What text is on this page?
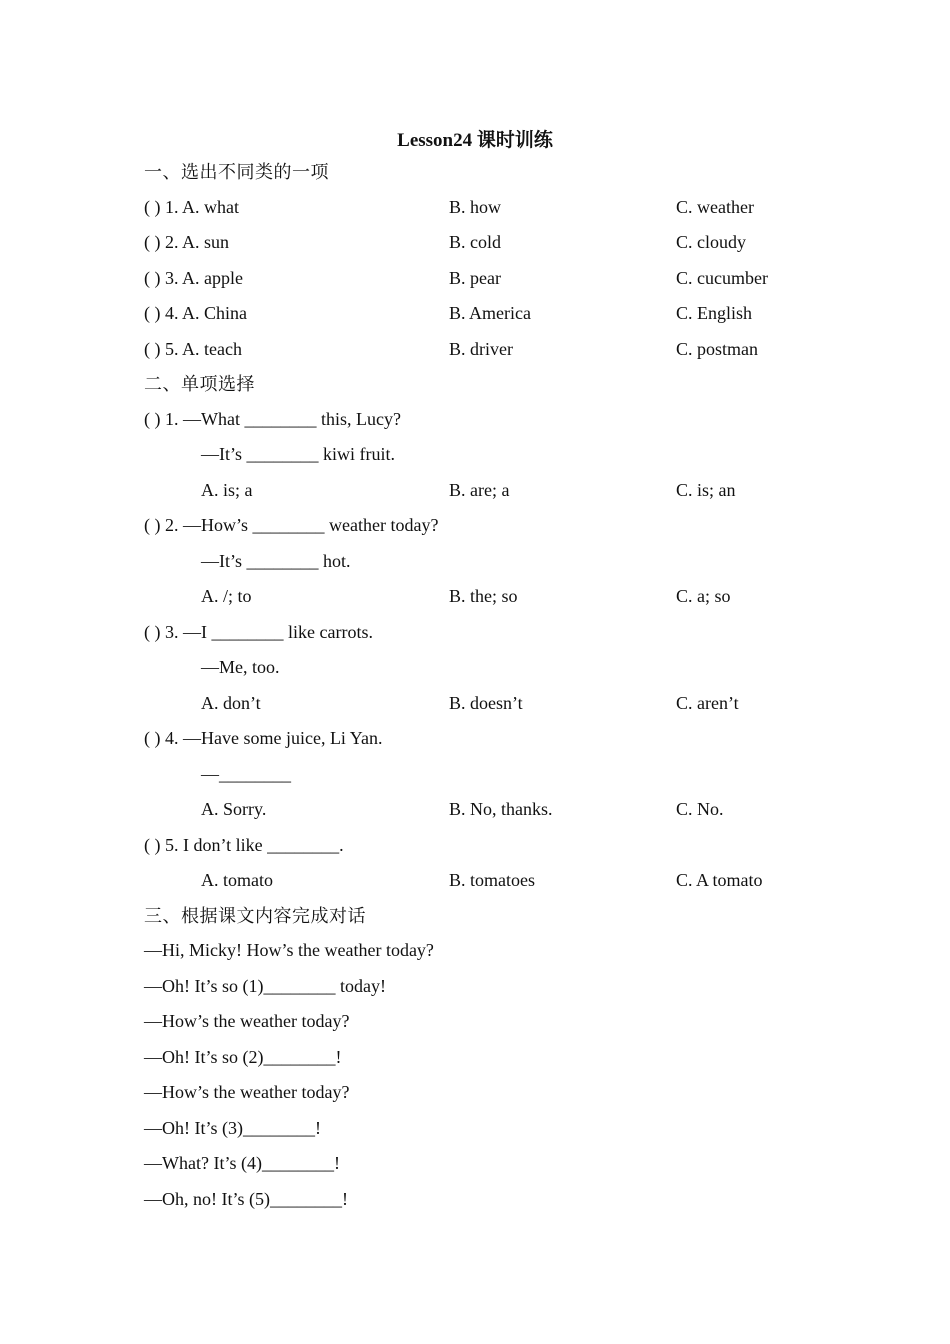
Lesson24 课时训练
一、选出不同类的一项
( ) 1. A. what	B. how	C. weather
( ) 2. A. sun	B. cold	C. cloudy
( ) 3. A. apple	B. pear	C. cucumber
( ) 4. A. China	B. America	C. English
( ) 5. A. teach	B. driver	C. postman
二、单项选择
( ) 1. —What ________ this, Lucy?
—It’s ________ kiwi fruit.
A. is; a	B. are; a	C. is; an
( ) 2. —How’s ________ weather today?
—It’s ________ hot.
A. /; to	B. the; so	C. a; so
( ) 3. —I ________ like carrots.
—Me, too.
A. don’t	B. doesn’t	C. aren’t
( ) 4. —Have some juice, Li Yan.
—________
A. Sorry.	B. No, thanks.	C. No.
( ) 5. I don’t like ________.
A. tomato	B. tomatoes	C. A tomato
三、根据课文内容完成对话
—Hi, Micky! How’s the weather today?
—Oh! It’s so (1)________ today!
—How’s the weather today?
—Oh! It’s so (2)________!
—How’s the weather today?
—Oh! It’s (3)________!
—What? It’s (4)________!
—Oh, no! It’s (5)________!
